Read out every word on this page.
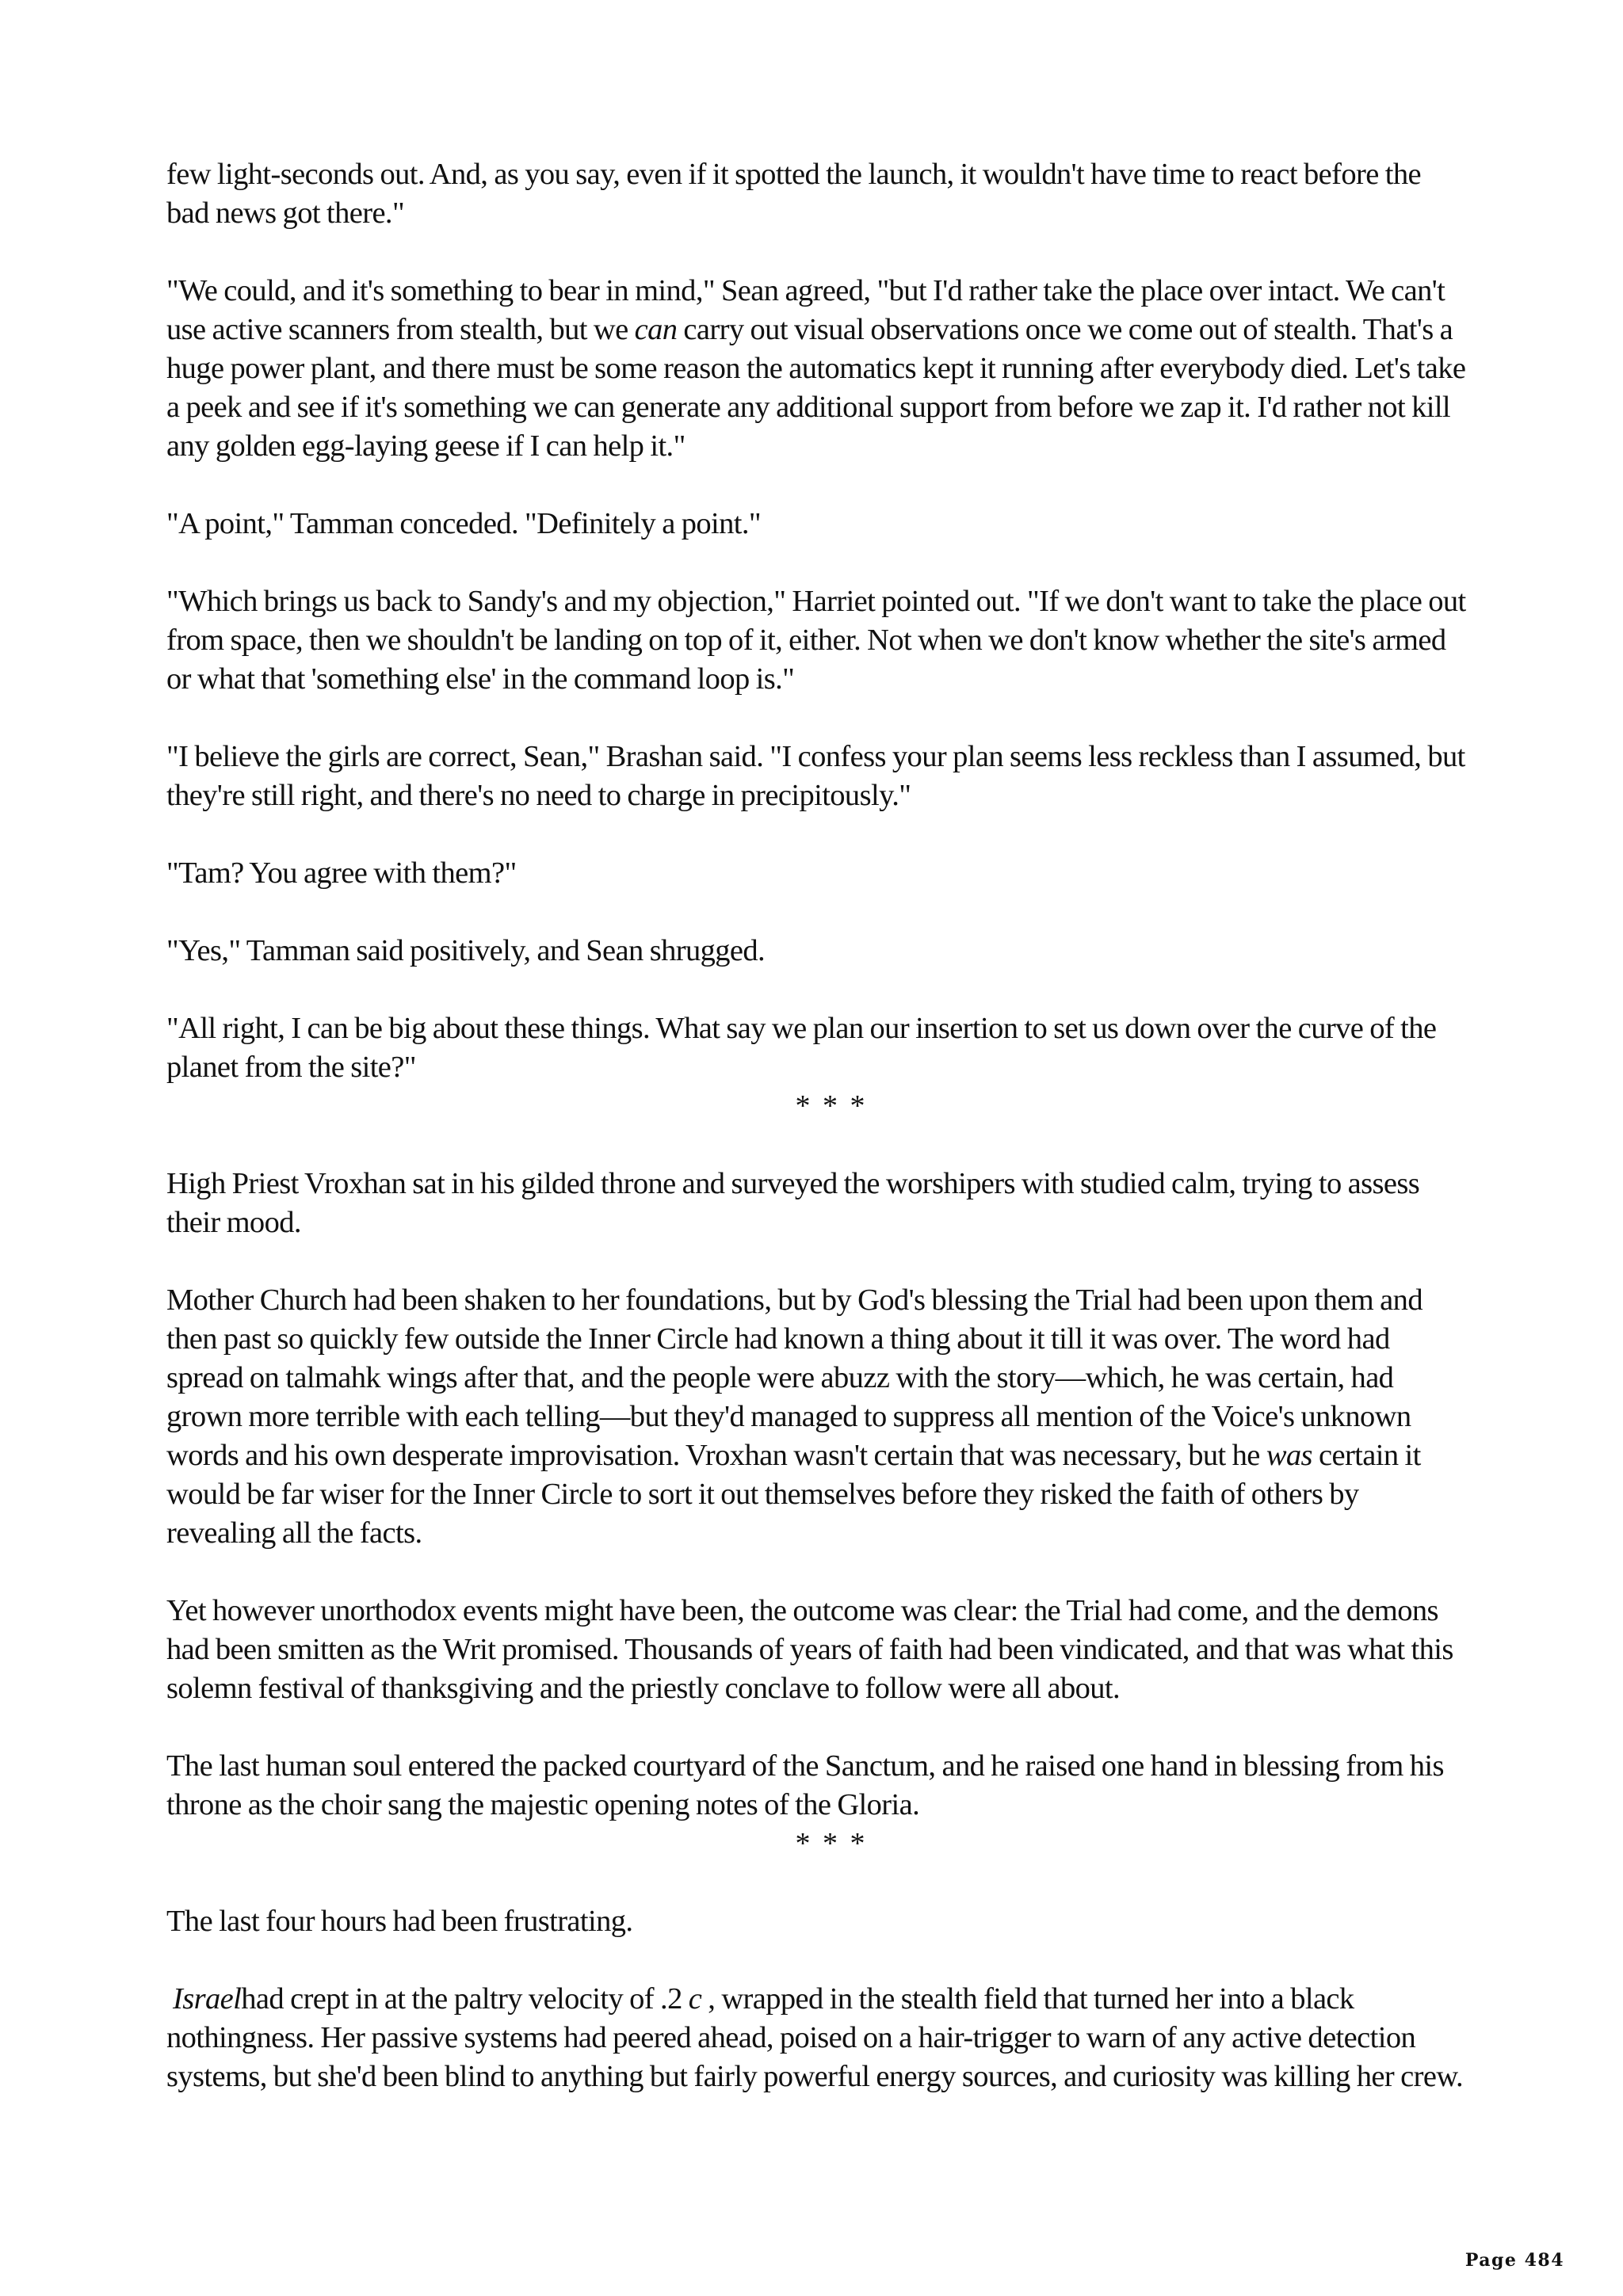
few light-seconds out. And, as you say, even if it spotted the launch, it wouldn't have time to react before the bad news got there."

"We could, and it's something to bear in mind," Sean agreed, "but I'd rather take the place over intact. We can't use active scanners from stealth, but we can carry out visual observations once we come out of stealth. That's a huge power plant, and there must be some reason the automatics kept it running after everybody died. Let's take a peek and see if it's something we can generate any additional support from before we zap it. I'd rather not kill any golden egg-laying geese if I can help it."

"A point," Tamman conceded. "Definitely a point."

"Which brings us back to Sandy's and my objection," Harriet pointed out. "If we don't want to take the place out from space, then we shouldn't be landing on top of it, either. Not when we don't know whether the site's armed or what that 'something else' in the command loop is."

"I believe the girls are correct, Sean," Brashan said. "I confess your plan seems less reckless than I assumed, but they're still right, and there's no need to charge in precipitously."

"Tam? You agree with them?"

"Yes," Tamman said positively, and Sean shrugged.

"All right, I can be big about these things. What say we plan our insertion to set us down over the curve of the planet from the site?"

* * *

High Priest Vroxhan sat in his gilded throne and surveyed the worshipers with studied calm, trying to assess their mood.

Mother Church had been shaken to her foundations, but by God's blessing the Trial had been upon them and then past so quickly few outside the Inner Circle had known a thing about it till it was over. The word had spread on talmahk wings after that, and the people were abuzz with the story—which, he was certain, had grown more terrible with each telling—but they'd managed to suppress all mention of the Voice's unknown words and his own desperate improvisation. Vroxhan wasn't certain that was necessary, but he was certain it would be far wiser for the Inner Circle to sort it out themselves before they risked the faith of others by revealing all the facts.

Yet however unorthodox events might have been, the outcome was clear: the Trial had come, and the demons had been smitten as the Writ promised. Thousands of years of faith had been vindicated, and that was what this solemn festival of thanksgiving and the priestly conclave to follow were all about.

The last human soul entered the packed courtyard of the Sanctum, and he raised one hand in blessing from his throne as the choir sang the majestic opening notes of the Gloria.

* * *

The last four hours had been frustrating.

Israelhad crept in at the paltry velocity of .2 c , wrapped in the stealth field that turned her into a black nothingness. Her passive systems had peered ahead, poised on a hair-trigger to warn of any active detection systems, but she'd been blind to anything but fairly powerful energy sources, and curiosity was killing her crew.

Page 484
